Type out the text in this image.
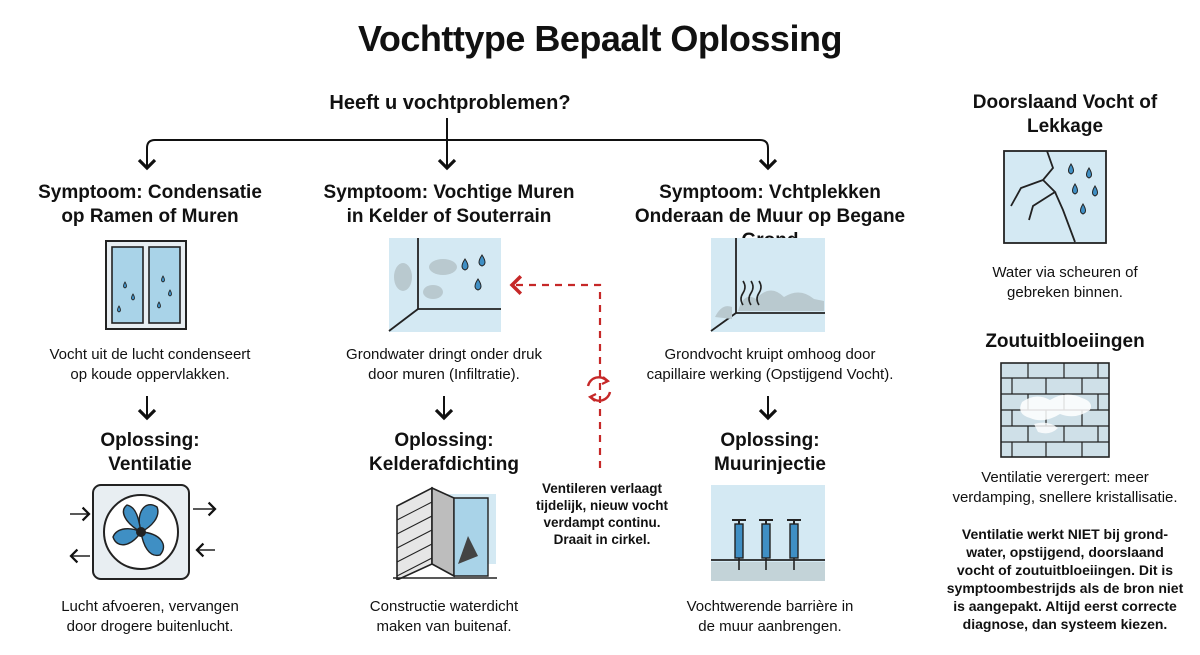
Vochttype Bepaalt Oplossing
Heeft u vochtproblemen?
Symptoom: Condensatie
op Ramen of Muren
Vocht uit de lucht condenseert
op koude oppervlakken.
Oplossing:
Ventilatie
Lucht afvoeren, vervangen
door drogere buitenlucht.
Symptoom: Vochtige Muren
in Kelder of Souterrain
Grondwater dringt onder druk
door muren (Infiltratie).
Oplossing:
Kelderafdichting
Constructie waterdicht
maken van buitenaf.
Ventileren verlaagt
tijdelijk, nieuw vocht
verdampt continu.
Draait in cirkel.
Symptoom: Vchtplekken
Onderaan de Muur op Begane
Grondvocht kruipt omhoog door
capillaire werking (Opstijgend Vocht).
Oplossing:
Muurinjectie
Vochtwerende barrière in
de muur aanbrengen.
Doorslaand Vocht of
Lekkage
Water via scheuren of
gebreken binnen.
Zoutuitbloeiingen
Ventilatie verergert: meer
verdamping, snellere kristallisatie.
Ventilatie werkt NIET bij grond-
water, opstijgend, doorslaand
vocht of zoutuitbloeiingen. Dit is
symptoombestrijds als de bron niet
is aangepakt. Altijd eerst correcte
diagnose, dan systeem kiezen.
